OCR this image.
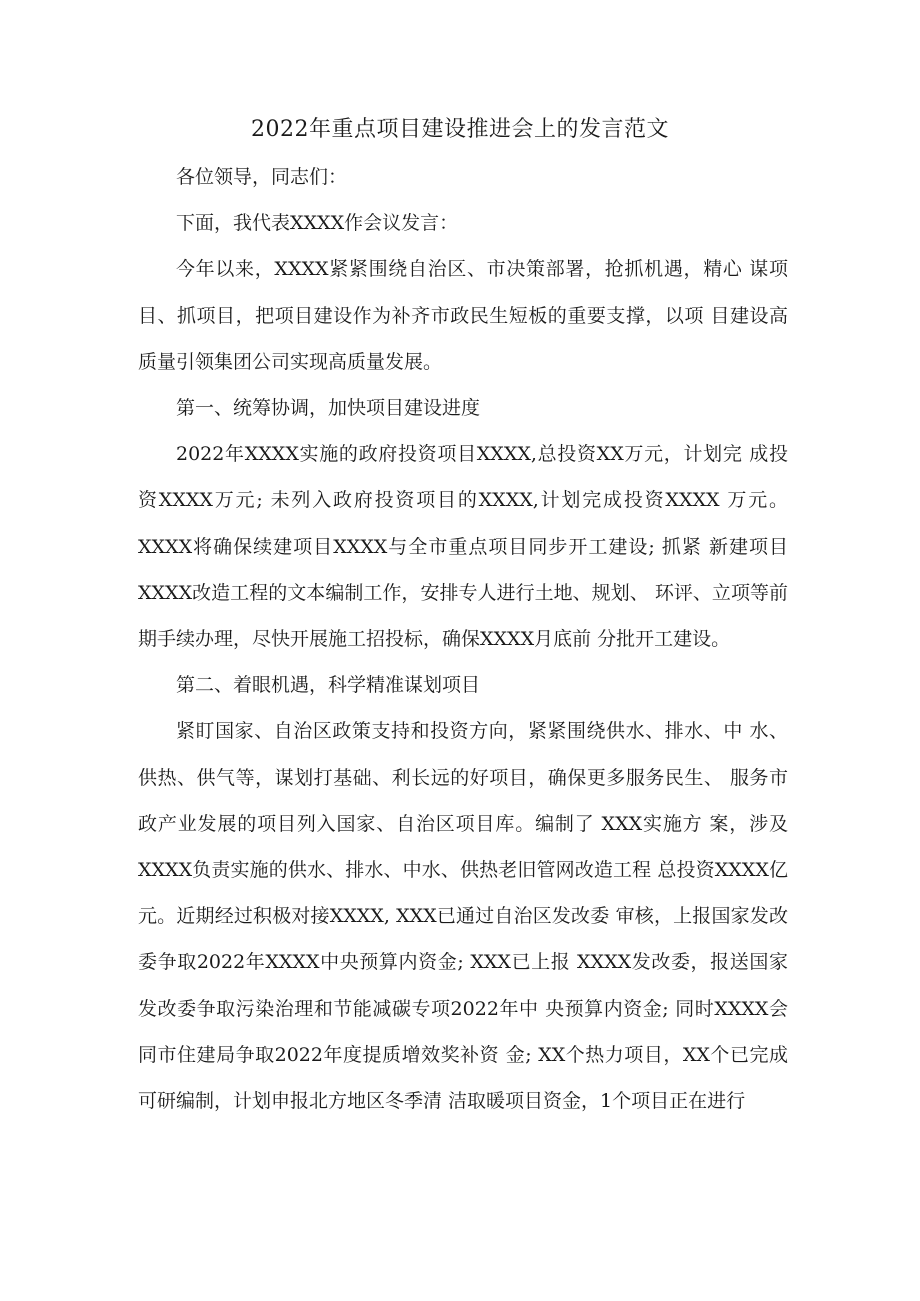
2022年重点项目建设推进会上的发言范文

各位领导，同志们：

下面，我代表XXXX作会议发言：

今年以来，XXXX紧紧围绕自治区、市决策部署，抢抓机遇，精心 谋项目、抓项目，把项目建设作为补齐市政民生短板的重要支撑，以项 目建设高质量引领集团公司实现高质量发展。

第一、统筹协调，加快项目建设进度

2022年XXXX实施的政府投资项目XXXX,总投资XX万元，计划完 成投资XXXX万元; 未列入政府投资项目的XXXX,计划完成投资XXXX 万元。XXXX将确保续建项目XXXX与全市重点项目同步开工建设; 抓紧 新建项目XXXX改造工程的文本编制工作，安排专人进行土地、规划、 环评、立项等前期手续办理，尽快开展施工招投标，确保XXXX月底前 分批开工建设。

第二、着眼机遇，科学精准谋划项目

紧盯国家、自治区政策支持和投资方向，紧紧围绕供水、排水、中 水、供热、供气等，谋划打基础、利长远的好项目，确保更多服务民生、 服务市政产业发展的项目列入国家、自治区项目库。编制了 XXX实施方 案，涉及XXXX负责实施的供水、排水、中水、供热老旧管网改造工程 总投资XXXX亿元。近期经过积极对接XXXX, XXX已通过自治区发改委 审核，上报国家发改委争取2022年XXXX中央预算内资金; XXX已上报 XXXX发改委，报送国家发改委争取污染治理和节能减碳专项2022年中 央预算内资金; 同时XXXX会同市住建局争取2022年度提质增效奖补资 金; XX个热力项目，XX个已完成可研编制，计划申报北方地区冬季清 洁取暖项目资金，1个项目正在进行
